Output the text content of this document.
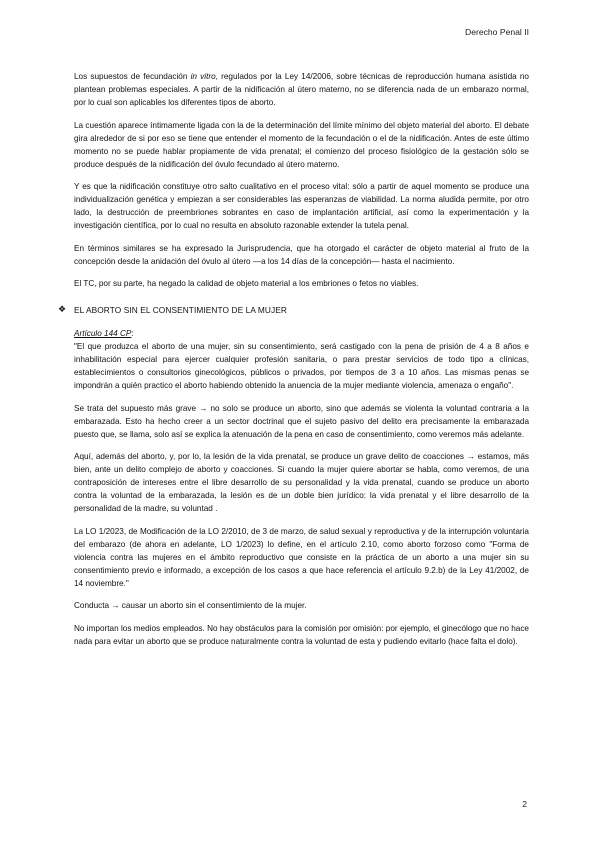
Derecho Penal II

Los supuestos de fecundación in vitro, regulados por la Ley 14/2006, sobre técnicas de reproducción humana asistida no plantean problemas especiales. A partir de la nidificación al útero materno, no se diferencia nada de un embarazo normal, por lo cual son aplicables los diferentes tipos de aborto.

La cuestión aparece íntimamente ligada con la de la determinación del límite mínimo del objeto material del aborto. El debate gira alrededor de si por eso se tiene que entender el momento de la fecundación o el de la nidificación. Antes de este último momento no se puede hablar propiamente de vida prenatal; el comienzo del proceso fisiológico de la gestación sólo se produce después de la nidificación del óvulo fecundado al útero materno.

Y es que la nidificación constituye otro salto cualitativo en el proceso vital: sólo a partir de aquel momento se produce una individualización genética y empiezan a ser considerables las esperanzas de viabilidad. La norma aludida permite, por otro lado, la destrucción de preembriones sobrantes en caso de implantación artificial, así como la experimentación y la investigación científica, por lo cual no resulta en absoluto razonable extender la tutela penal.

En términos similares se ha expresado la Jurisprudencia, que ha otorgado el carácter de objeto material al fruto de la concepción desde la anidación del óvulo al útero —a los 14 días de la concepción— hasta el nacimiento.

El TC, por su parte, ha negado la calidad de objeto material a los embriones o fetos no viables.

❖ EL ABORTO SIN EL CONSENTIMIENTO DE LA MUJER
Artículo 144 CP:

"El que produzca el aborto de una mujer, sin su consentimiento, será castigado con la pena de prisión de 4 a 8 años e inhabilitación especial para ejercer cualquier profesión sanitaria, o para prestar servicios de todo tipo a clínicas, establecimientos o consultorios ginecológicos, públicos o privados, por tiempos de 3 a 10 años. Las mismas penas se impondrán a quién practico el aborto habiendo obtenido la anuencia de la mujer mediante violencia, amenaza o engaño".

Se trata del supuesto más grave → no solo se produce un aborto, sino que además se violenta la voluntad contraria a la embarazada. Esto ha hecho creer a un sector doctrinal que el sujeto pasivo del delito era precisamente la embarazada puesto que, se llama, solo así se explica la atenuación de la pena en caso de consentimiento, como veremos más adelante.

Aquí, además del aborto, y, por lo, la lesión de la vida prenatal, se produce un grave delito de coacciones → estamos, más bien, ante un delito complejo de aborto y coacciones. Si cuando la mujer quiere abortar se habla, como veremos, de una contraposición de intereses entre el libre desarrollo de su personalidad y la vida prenatal, cuando se produce un aborto contra la voluntad de la embarazada, la lesión es de un doble bien jurídico: la vida prenatal y el libre desarrollo de la personalidad de la madre, su voluntad .

La LO 1/2023, de Modificación de la LO 2/2010, de 3 de marzo, de salud sexual y reproductiva y de la interrupción voluntaria del embarazo (de ahora en adelante, LO 1/2023) lo define, en el artículo 2.10, como aborto forzoso como "Forma de violencia contra las mujeres en el ámbito reproductivo que consiste en la práctica de un aborto a una mujer sin su consentimiento previo e informado, a excepción de los casos a que hace referencia el artículo 9.2.b) de la Ley 41/2002, de 14 noviembre."

Conducta → causar un aborto sin el consentimiento de la mujer.

No importan los medios empleados. No hay obstáculos para la comisión por omisión: por ejemplo, el ginecólogo que no hace nada para evitar un aborto que se produce naturalmente contra la voluntad de esta y pudiendo evitarlo (hace falta el dolo).

2
